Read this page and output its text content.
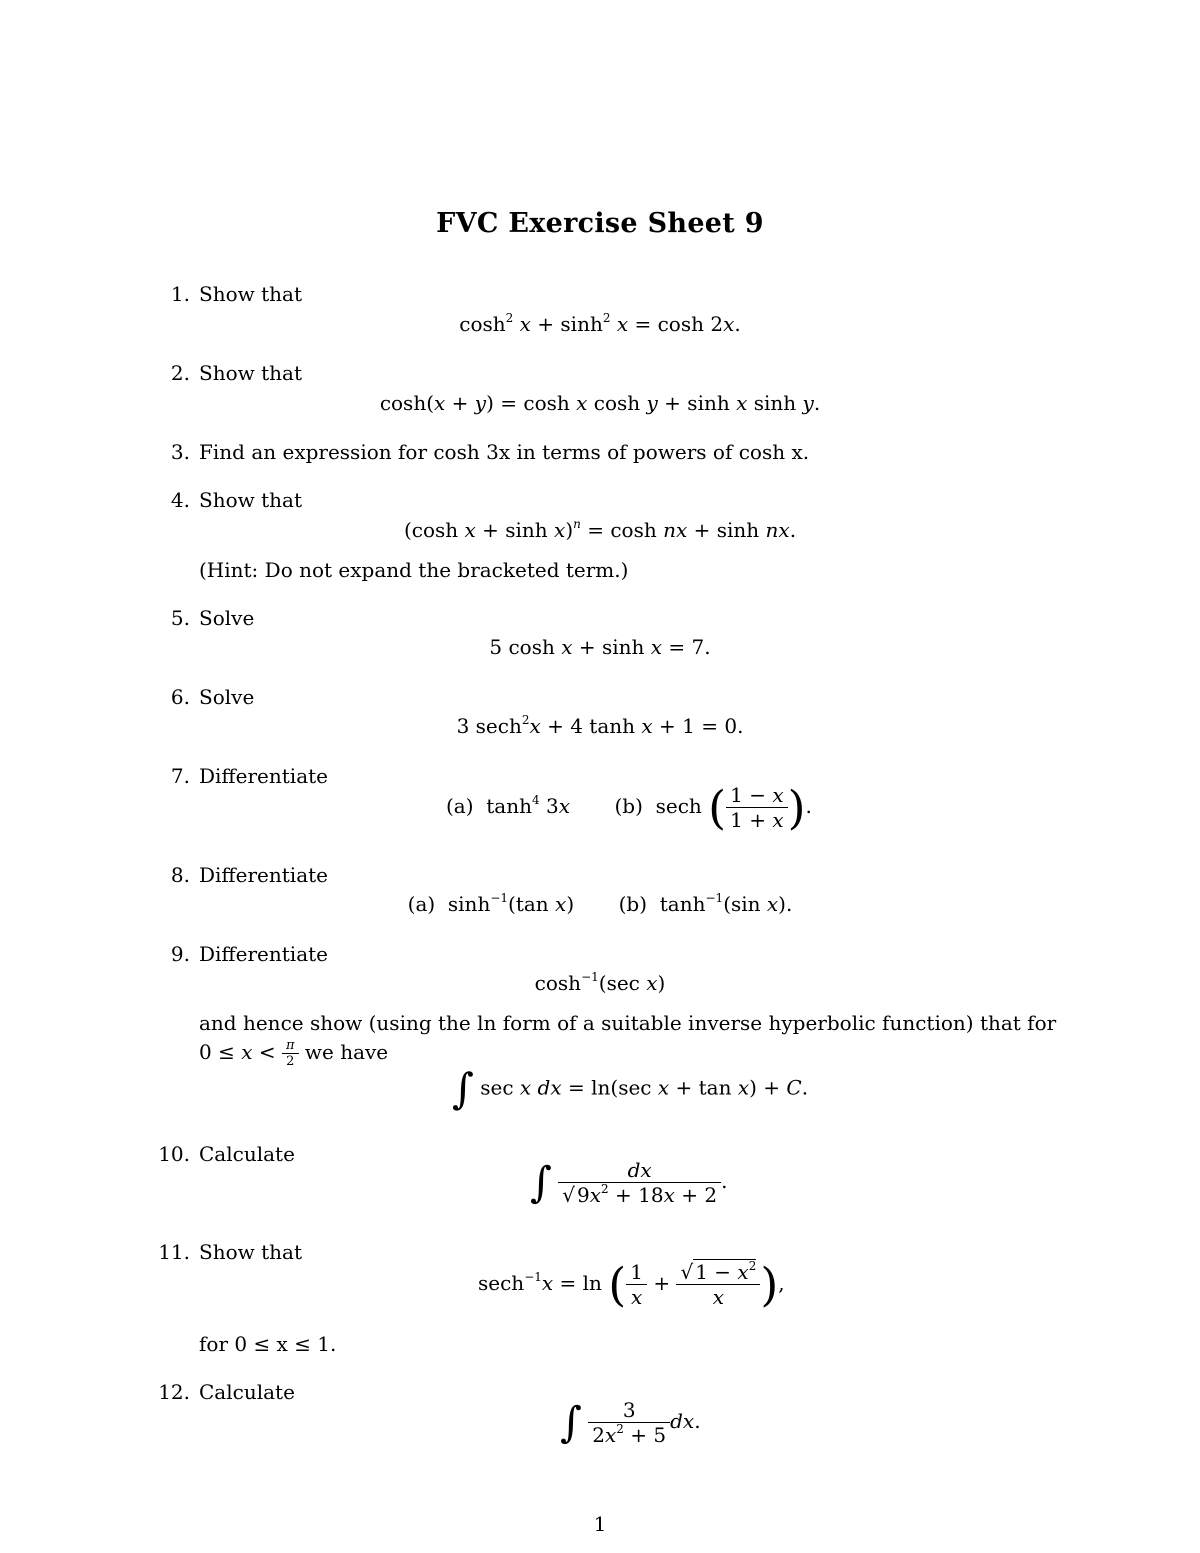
FVC Exercise Sheet 9
1. Show that
$\cosh^2 x + \sinh^2 x = \cosh 2x$.
2. Show that
cosh(x + y) = cosh x cosh y + sinh x sinh y.
3. Find an expression for cosh 3x in terms of powers of cosh x.
4. Show that
(cosh x + sinh x)$^n$ = cosh nx + sinh nx.
(Hint: Do not expand the bracketed term.)
5. Solve
5 cosh x + sinh x = 7.
6. Solve
3 sech$^2$x + 4 tanh x + 1 = 0.
7. Differentiate
(a)  $\tanh^4 3x$       (b)  sech ( $\frac{1 - x}{1 + x}$ ).
8. Differentiate
(a)  $\sinh^{-1}(\tan$ x)       (b)  $\tanh^{-1}(\sin$ x).
9. Differentiate
$\cosh^{-1}(\sec$ x)
and hence show (using the ln form of a suitable inverse hyperbolic function) that for
$0 \le x < \frac{\pi}{2}$ we have
∫ sec x dx = ln(sec x + tan x) + C.
10. Calculate
∫ $\frac{dx}{√ 9x^2 + 18x + 2}$ .
11. Show that
sech$^{-1}$x = ln ( $\frac{1}{x} + \frac{√ 1 - x^2}{x}$ ),
for 0 ≤ x ≤ 1.
12. Calculate
∫ $\frac{3}{2x^2 + 5}$ dx.
1
